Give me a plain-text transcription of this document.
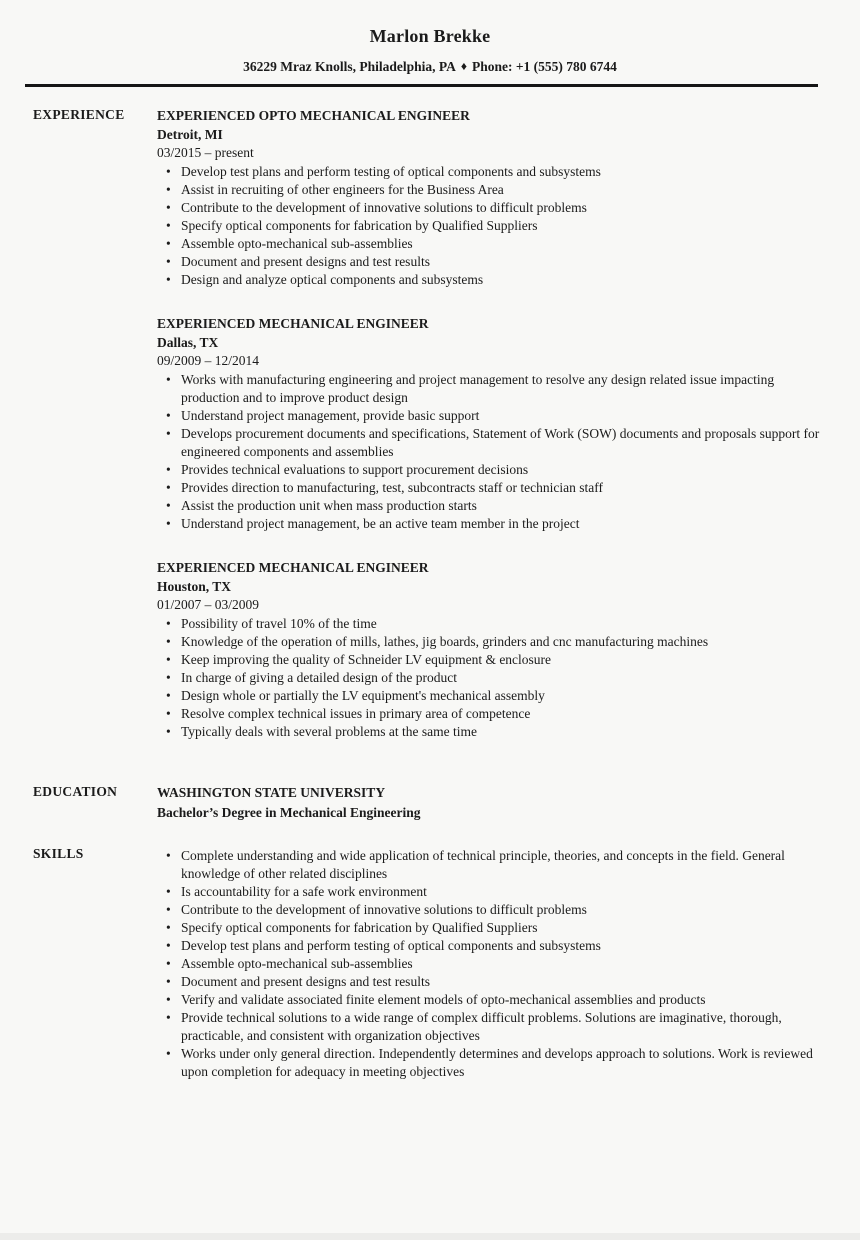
Marlon Brekke
36229 Mraz Knolls, Philadelphia, PA ♦ Phone: +1 (555) 780 6744
EXPERIENCE	EXPERIENCED OPTO MECHANICAL ENGINEER
Detroit, MI
03/2015 – present
• Develop test plans and perform testing of optical components and subsystems
• Assist in recruiting of other engineers for the Business Area
• Contribute to the development of innovative solutions to difficult problems
• Specify optical components for fabrication by Qualified Suppliers
• Assemble opto-mechanical sub-assemblies
• Document and present designs and test results
• Design and analyze optical components and subsystems
EXPERIENCED MECHANICAL ENGINEER
Dallas, TX
09/2009 – 12/2014
• Works with manufacturing engineering and project management to resolve any design related issue impacting production and to improve product design
• Understand project management, provide basic support
• Develops procurement documents and specifications, Statement of Work (SOW) documents and proposals support for engineered components and assemblies
• Provides technical evaluations to support procurement decisions
• Provides direction to manufacturing, test, subcontracts staff or technician staff
• Assist the production unit when mass production starts
• Understand project management, be an active team member in the project
EXPERIENCED MECHANICAL ENGINEER
Houston, TX
01/2007 – 03/2009
• Possibility of travel 10% of the time
• Knowledge of the operation of mills, lathes, jig boards, grinders and cnc manufacturing machines
• Keep improving the quality of Schneider LV equipment & enclosure
• In charge of giving a detailed design of the product
• Design whole or partially the LV equipment's mechanical assembly
• Resolve complex technical issues in primary area of competence
• Typically deals with several problems at the same time
EDUCATION	WASHINGTON STATE UNIVERSITY
Bachelor’s Degree in Mechanical Engineering
SKILLS	• Complete understanding and wide application of technical principle, theories, and concepts in the field. General knowledge of other related disciplines
• Is accountability for a safe work environment
• Contribute to the development of innovative solutions to difficult problems
• Specify optical components for fabrication by Qualified Suppliers
• Develop test plans and perform testing of optical components and subsystems
• Assemble opto-mechanical sub-assemblies
• Document and present designs and test results
• Verify and validate associated finite element models of opto-mechanical assemblies and products
• Provide technical solutions to a wide range of complex difficult problems. Solutions are imaginative, thorough, practicable, and consistent with organization objectives
• Works under only general direction. Independently determines and develops approach to solutions. Work is reviewed upon completion for adequacy in meeting objectives
